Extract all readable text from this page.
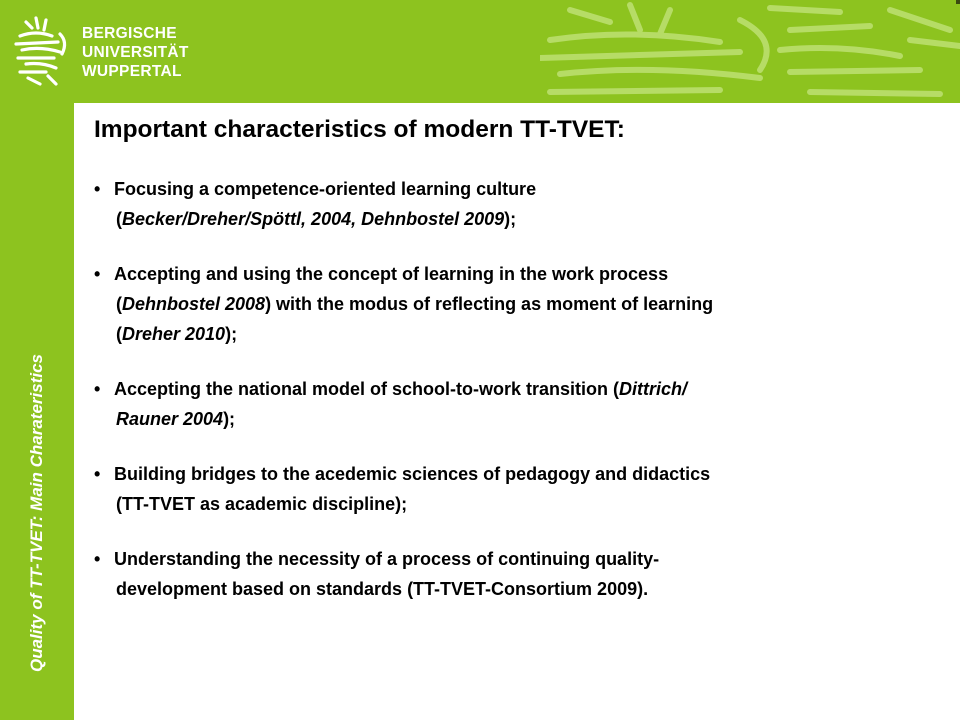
BERGISCHE
UNIVERSITÄT
WUPPERTAL
Quality of TT-TVET: Main Charateristics
Important characteristics of modern TT-TVET:
• Focusing a competence-oriented learning culture
(Becker/Dreher/Spöttl, 2004, Dehnbostel 2009);
• Accepting and using the concept of learning in the work process
(Dehnbostel 2008) with the modus of reflecting as moment of learning
(Dreher 2010);
• Accepting the national model of school-to-work transition (Dittrich/
Rauner 2004);
• Building bridges to the acedemic sciences of pedagogy and didactics
(TT-TVET as academic discipline);
• Understanding the necessity of a process of continuing quality-
development based on standards (TT-TVET-Consortium 2009).
